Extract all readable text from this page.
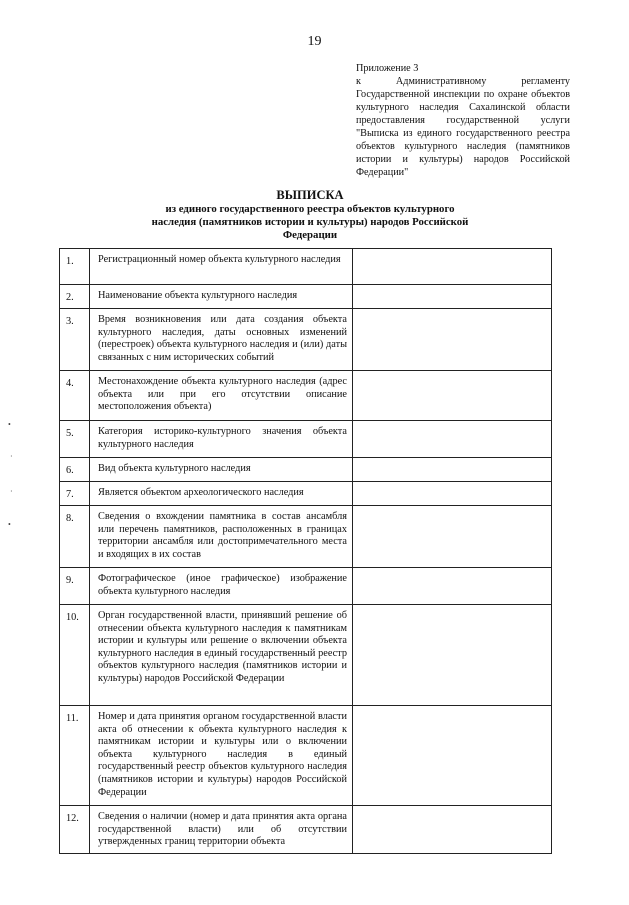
19
Приложение 3
к Административному регламенту Государственной инспекции по охране объектов культурного наследия Сахалинской области предоставления государственной услуги "Выписка из единого государственного реестра объектов культурного наследия (памятников истории и культуры) народов Российской Федерации"
ВЫПИСКА
из единого государственного реестра объектов культурного наследия (памятников истории и культуры) народов Российской Федерации
1.	Регистрационный номер объекта культурного наследия	
2.	Наименование объекта культурного наследия	
3.	Время возникновения или дата создания объекта культурного наследия, даты основных изменений (перестроек) объекта культурного наследия и (или) даты связанных с ним исторических событий	
4.	Местонахождение объекта культурного наследия (адрес объекта или при его отсутствии описание местоположения объекта)	
5.	Категория историко-культурного значения объекта культурного наследия	
6.	Вид объекта культурного наследия	
7.	Является объектом археологического наследия	
8.	Сведения о вхождении памятника в состав ансамбля или перечень памятников, расположенных в границах территории ансамбля или достопримечательного места и входящих в их состав	
9.	Фотографическое (иное графическое) изображение объекта культурного наследия	
10.	Орган государственной власти, принявший решение об отнесении объекта культурного наследия к памятникам истории и культуры или решение о включении объекта культурного наследия в единый государственный реестр объектов культурного наследия (памятников истории и культуры) народов Российской Федерации	
11.	Номер и дата принятия органом государственной власти акта об отнесении к объекта культурного наследия к памятникам истории и культуры или о включении объекта культурного наследия в единый государственный реестр объектов культурного наследия (памятников истории и культуры) народов Российской Федерации	
12.	Сведения о наличии (номер и дата принятия акта органа государственной власти) или об отсутствии утвержденных границ территории объекта	
•
·
·
•
